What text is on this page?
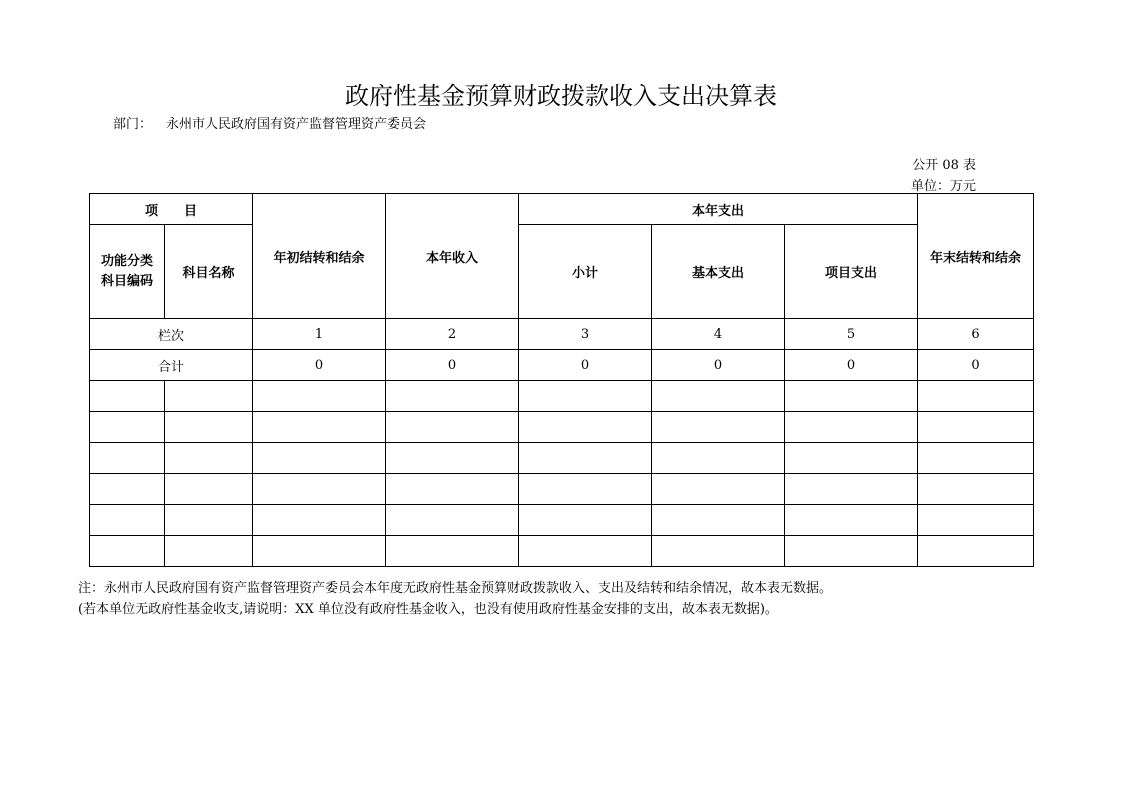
政府性基金预算财政拨款收入支出决算表
部门： 永州市人民政府国有资产监督管理资产委员会
公开 08 表
单位：万元
项　　目		年初结转和结余	本年收入	本年支出			年末结转和结余

功能分类
科目编码	科目名称			小计	基本支出	项目支出	
栏次		1	2	3	4	5	6
合计		0	0	0	0	0	0

注：永州市人民政府国有资产监督管理资产委员会本年度无政府性基金预算财政拨款收入、支出及结转和结余情况，故本表无数据。
(若本单位无政府性基金收支,请说明：XX 单位没有政府性基金收入，也没有使用政府性基金安排的支出，故本表无数据)。
